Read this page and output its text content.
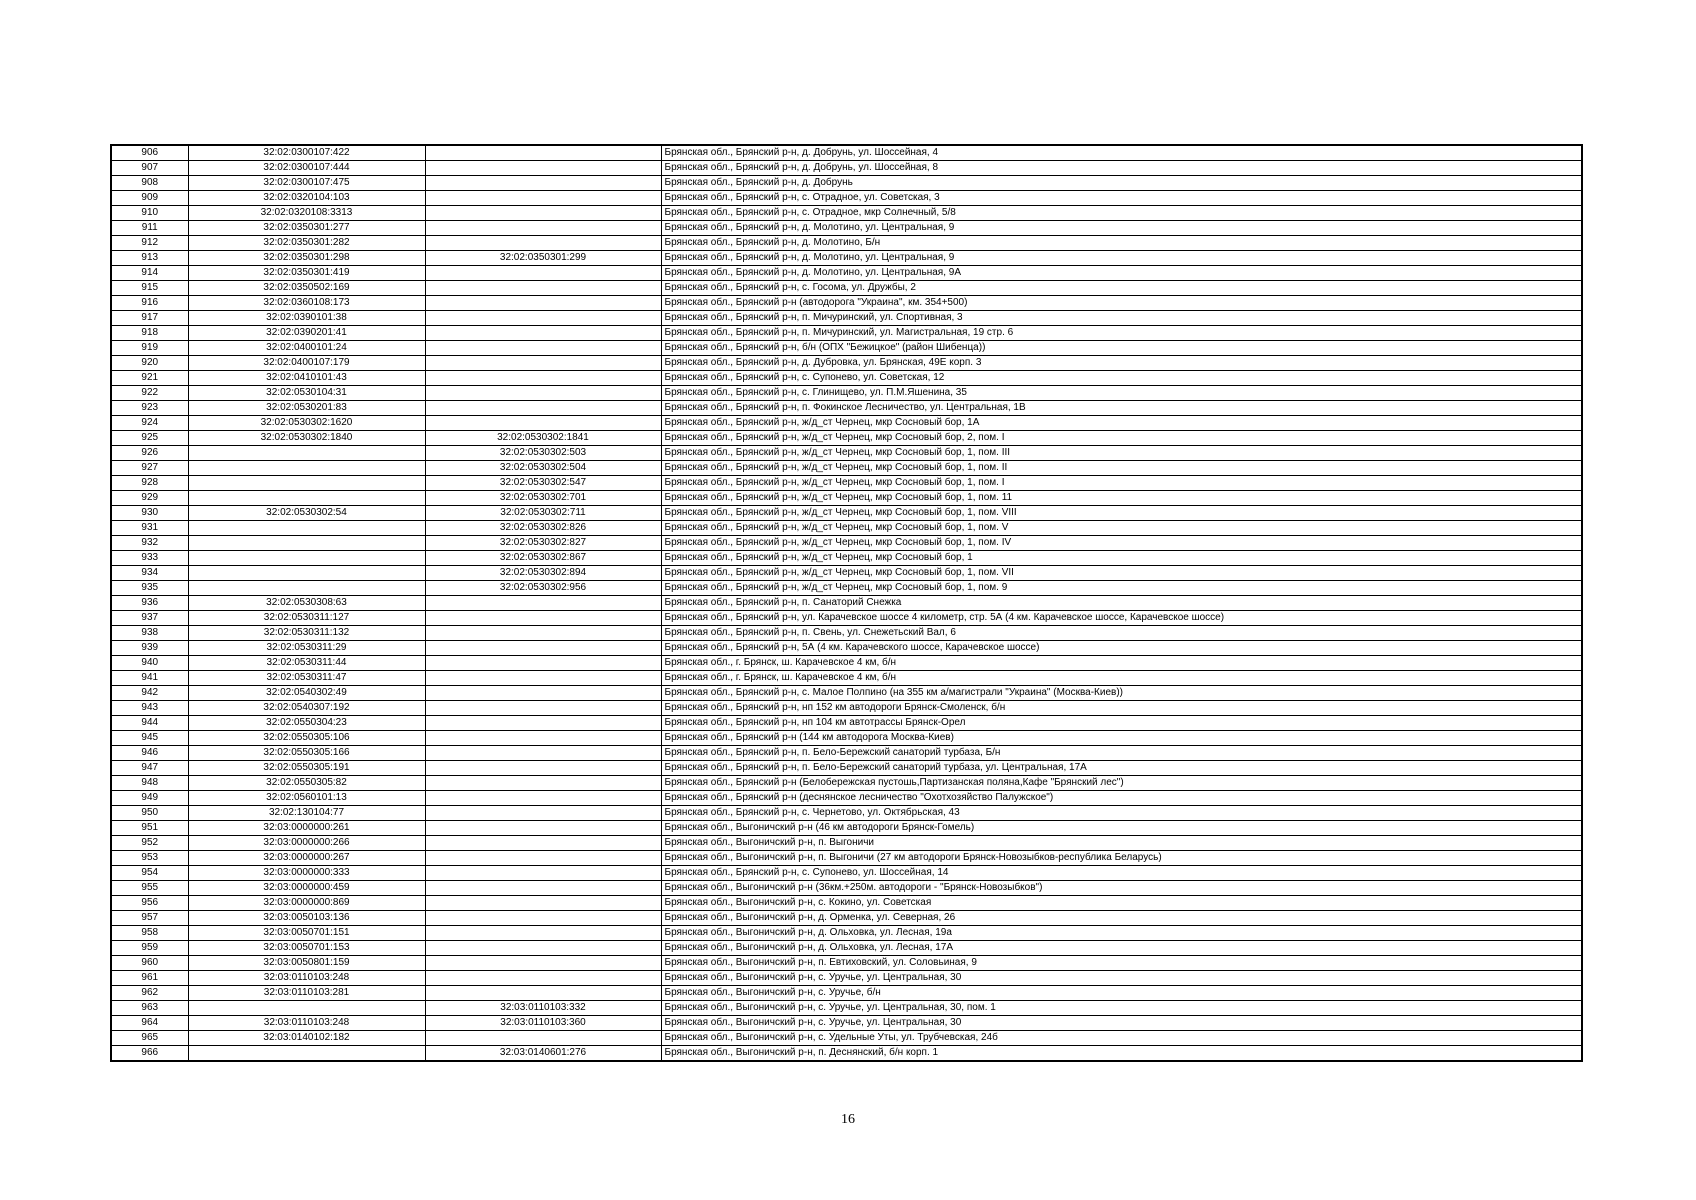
906	32:02:0300107:422		Брянская обл., Брянский р-н, д. Добрунь, ул. Шоссейная, 4
907	32:02:0300107:444		Брянская обл., Брянский р-н, д. Добрунь, ул. Шоссейная, 8
908	32:02:0300107:475		Брянская обл., Брянский р-н, д. Добрунь
909	32:02:0320104:103		Брянская обл., Брянский р-н, с. Отрадное, ул. Советская, 3
910	32:02:0320108:3313		Брянская обл., Брянский р-н, с. Отрадное, мкр Солнечный, 5/8
911	32:02:0350301:277		Брянская обл., Брянский р-н, д. Молотино, ул. Центральная, 9
912	32:02:0350301:282		Брянская обл., Брянский р-н, д. Молотино, Б/н
913	32:02:0350301:298	32:02:0350301:299	Брянская обл., Брянский р-н, д. Молотино, ул. Центральная, 9
914	32:02:0350301:419		Брянская обл., Брянский р-н, д. Молотино, ул. Центральная, 9А
915	32:02:0350502:169		Брянская обл., Брянский р-н, с. Госома, ул. Дружбы, 2
916	32:02:0360108:173		Брянская обл., Брянский р-н (автодорога "Украина", км. 354+500)
917	32:02:0390101:38		Брянская обл., Брянский р-н, п. Мичуринский, ул. Спортивная, 3
918	32:02:0390201:41		Брянская обл., Брянский р-н, п. Мичуринский, ул. Магистральная, 19 стр. 6
919	32:02:0400101:24		Брянская обл., Брянский р-н, б/н (ОПХ "Бежицкое" (район Шибенца))
920	32:02:0400107:179		Брянская обл., Брянский р-н, д. Дубровка, ул. Брянская, 49Е корп. 3
921	32:02:0410101:43		Брянская обл., Брянский р-н, с. Супонево, ул. Советская, 12
922	32:02:0530104:31		Брянская обл., Брянский р-н, с. Глинищево, ул. П.М.Яшенина, 35
923	32:02:0530201:83		Брянская обл., Брянский р-н, п. Фокинское Лесничество, ул. Центральная, 1В
924	32:02:0530302:1620		Брянская обл., Брянский р-н, ж/д_ст Чернец, мкр Сосновый бор, 1А
925	32:02:0530302:1840	32:02:0530302:1841	Брянская обл., Брянский р-н, ж/д_ст Чернец, мкр Сосновый бор, 2, пом. I
926		32:02:0530302:503	Брянская обл., Брянский р-н, ж/д_ст Чернец, мкр Сосновый бор, 1, пом. III
927		32:02:0530302:504	Брянская обл., Брянский р-н, ж/д_ст Чернец, мкр Сосновый бор, 1, пом. II
928		32:02:0530302:547	Брянская обл., Брянский р-н, ж/д_ст Чернец, мкр Сосновый бор, 1, пом. I
929		32:02:0530302:701	Брянская обл., Брянский р-н, ж/д_ст Чернец, мкр Сосновый бор, 1, пом. 11
930	32:02:0530302:54	32:02:0530302:711	Брянская обл., Брянский р-н, ж/д_ст Чернец, мкр Сосновый бор, 1, пом. VIII
931		32:02:0530302:826	Брянская обл., Брянский р-н, ж/д_ст Чернец, мкр Сосновый бор, 1, пом. V
932		32:02:0530302:827	Брянская обл., Брянский р-н, ж/д_ст Чернец, мкр Сосновый бор, 1, пом. IV
933		32:02:0530302:867	Брянская обл., Брянский р-н, ж/д_ст Чернец, мкр Сосновый бор, 1
934		32:02:0530302:894	Брянская обл., Брянский р-н, ж/д_ст Чернец, мкр Сосновый бор, 1, пом. VII
935		32:02:0530302:956	Брянская обл., Брянский р-н, ж/д_ст Чернец, мкр Сосновый бор, 1, пом. 9
936	32:02:0530308:63		Брянская обл., Брянский р-н, п. Санаторий Снежка
937	32:02:0530311:127		Брянская обл., Брянский р-н, ул. Карачевское шоссе 4 километр, стр. 5А (4 км. Карачевское шоссе, Карачевское шоссе)
938	32:02:0530311:132		Брянская обл., Брянский р-н, п. Свень, ул. Снежетьский Вал, 6
939	32:02:0530311:29		Брянская обл., Брянский р-н, 5А (4 км. Карачевского шоссе, Карачевское шоссе)
940	32:02:0530311:44		Брянская обл., г. Брянск, ш. Карачевское 4 км, б/н
941	32:02:0530311:47		Брянская обл., г. Брянск, ш. Карачевское 4 км, б/н
942	32:02:0540302:49		Брянская обл., Брянский р-н, с. Малое Полпино (на 355 км а/магистрали "Украина" (Москва-Киев))
943	32:02:0540307:192		Брянская обл., Брянский р-н, нп 152 км автодороги Брянск-Смоленск, б/н
944	32:02:0550304:23		Брянская обл., Брянский р-н, нп 104 км автотрассы Брянск-Орел
945	32:02:0550305:106		Брянская обл., Брянский р-н (144 км автодорога Москва-Киев)
946	32:02:0550305:166		Брянская обл., Брянский р-н, п. Бело-Бережский санаторий турбаза, Б/н
947	32:02:0550305:191		Брянская обл., Брянский р-н, п. Бело-Бережский санаторий турбаза, ул. Центральная, 17А
948	32:02:0550305:82		Брянская обл., Брянский р-н (Белобережская пустошь,Партизанская поляна,Кафе "Брянский лес")
949	32:02:0560101:13		Брянская обл., Брянский р-н (деснянское лесничество "Охотхозяйство Палужское")
950	32:02:130104:77		Брянская обл., Брянский р-н, с. Чернетово, ул. Октябрьская, 43
951	32:03:0000000:261		Брянская обл., Выгоничский р-н (46 км автодороги Брянск-Гомель)
952	32:03:0000000:266		Брянская обл., Выгоничский р-н, п. Выгоничи
953	32:03:0000000:267		Брянская обл., Выгоничский р-н, п. Выгоничи (27 км автодороги Брянск-Новозыбков-республика Беларусь)
954	32:03:0000000:333		Брянская обл., Брянский р-н, с. Супонево, ул. Шоссейная, 14
955	32:03:0000000:459		Брянская обл., Выгоничский р-н (36км.+250м. автодороги - "Брянск-Новозыбков")
956	32:03:0000000:869		Брянская обл., Выгоничский р-н, с. Кокино, ул. Советская
957	32:03:0050103:136		Брянская обл., Выгоничский р-н, д. Орменка, ул. Северная, 26
958	32:03:0050701:151		Брянская обл., Выгоничский р-н, д. Ольховка, ул. Лесная, 19а
959	32:03:0050701:153		Брянская обл., Выгоничский р-н, д. Ольховка, ул. Лесная, 17А
960	32:03:0050801:159		Брянская обл., Выгоничский р-н, п. Евтиховский, ул. Соловьиная, 9
961	32:03:0110103:248		Брянская обл., Выгоничский р-н, с. Уручье, ул. Центральная, 30
962	32:03:0110103:281		Брянская обл., Выгоничский р-н, с. Уручье, б/н
963		32:03:0110103:332	Брянская обл., Выгоничский р-н, с. Уручье, ул. Центральная, 30, пом. 1
964	32:03:0110103:248	32:03:0110103:360	Брянская обл., Выгоничский р-н, с. Уручье, ул. Центральная, 30
965	32:03:0140102:182		Брянская обл., Выгоничский р-н, с. Удельные Уты, ул. Трубчевская, 24б
966		32:03:0140601:276	Брянская обл., Выгоничский р-н, п. Деснянский, б/н корп. 1
16
